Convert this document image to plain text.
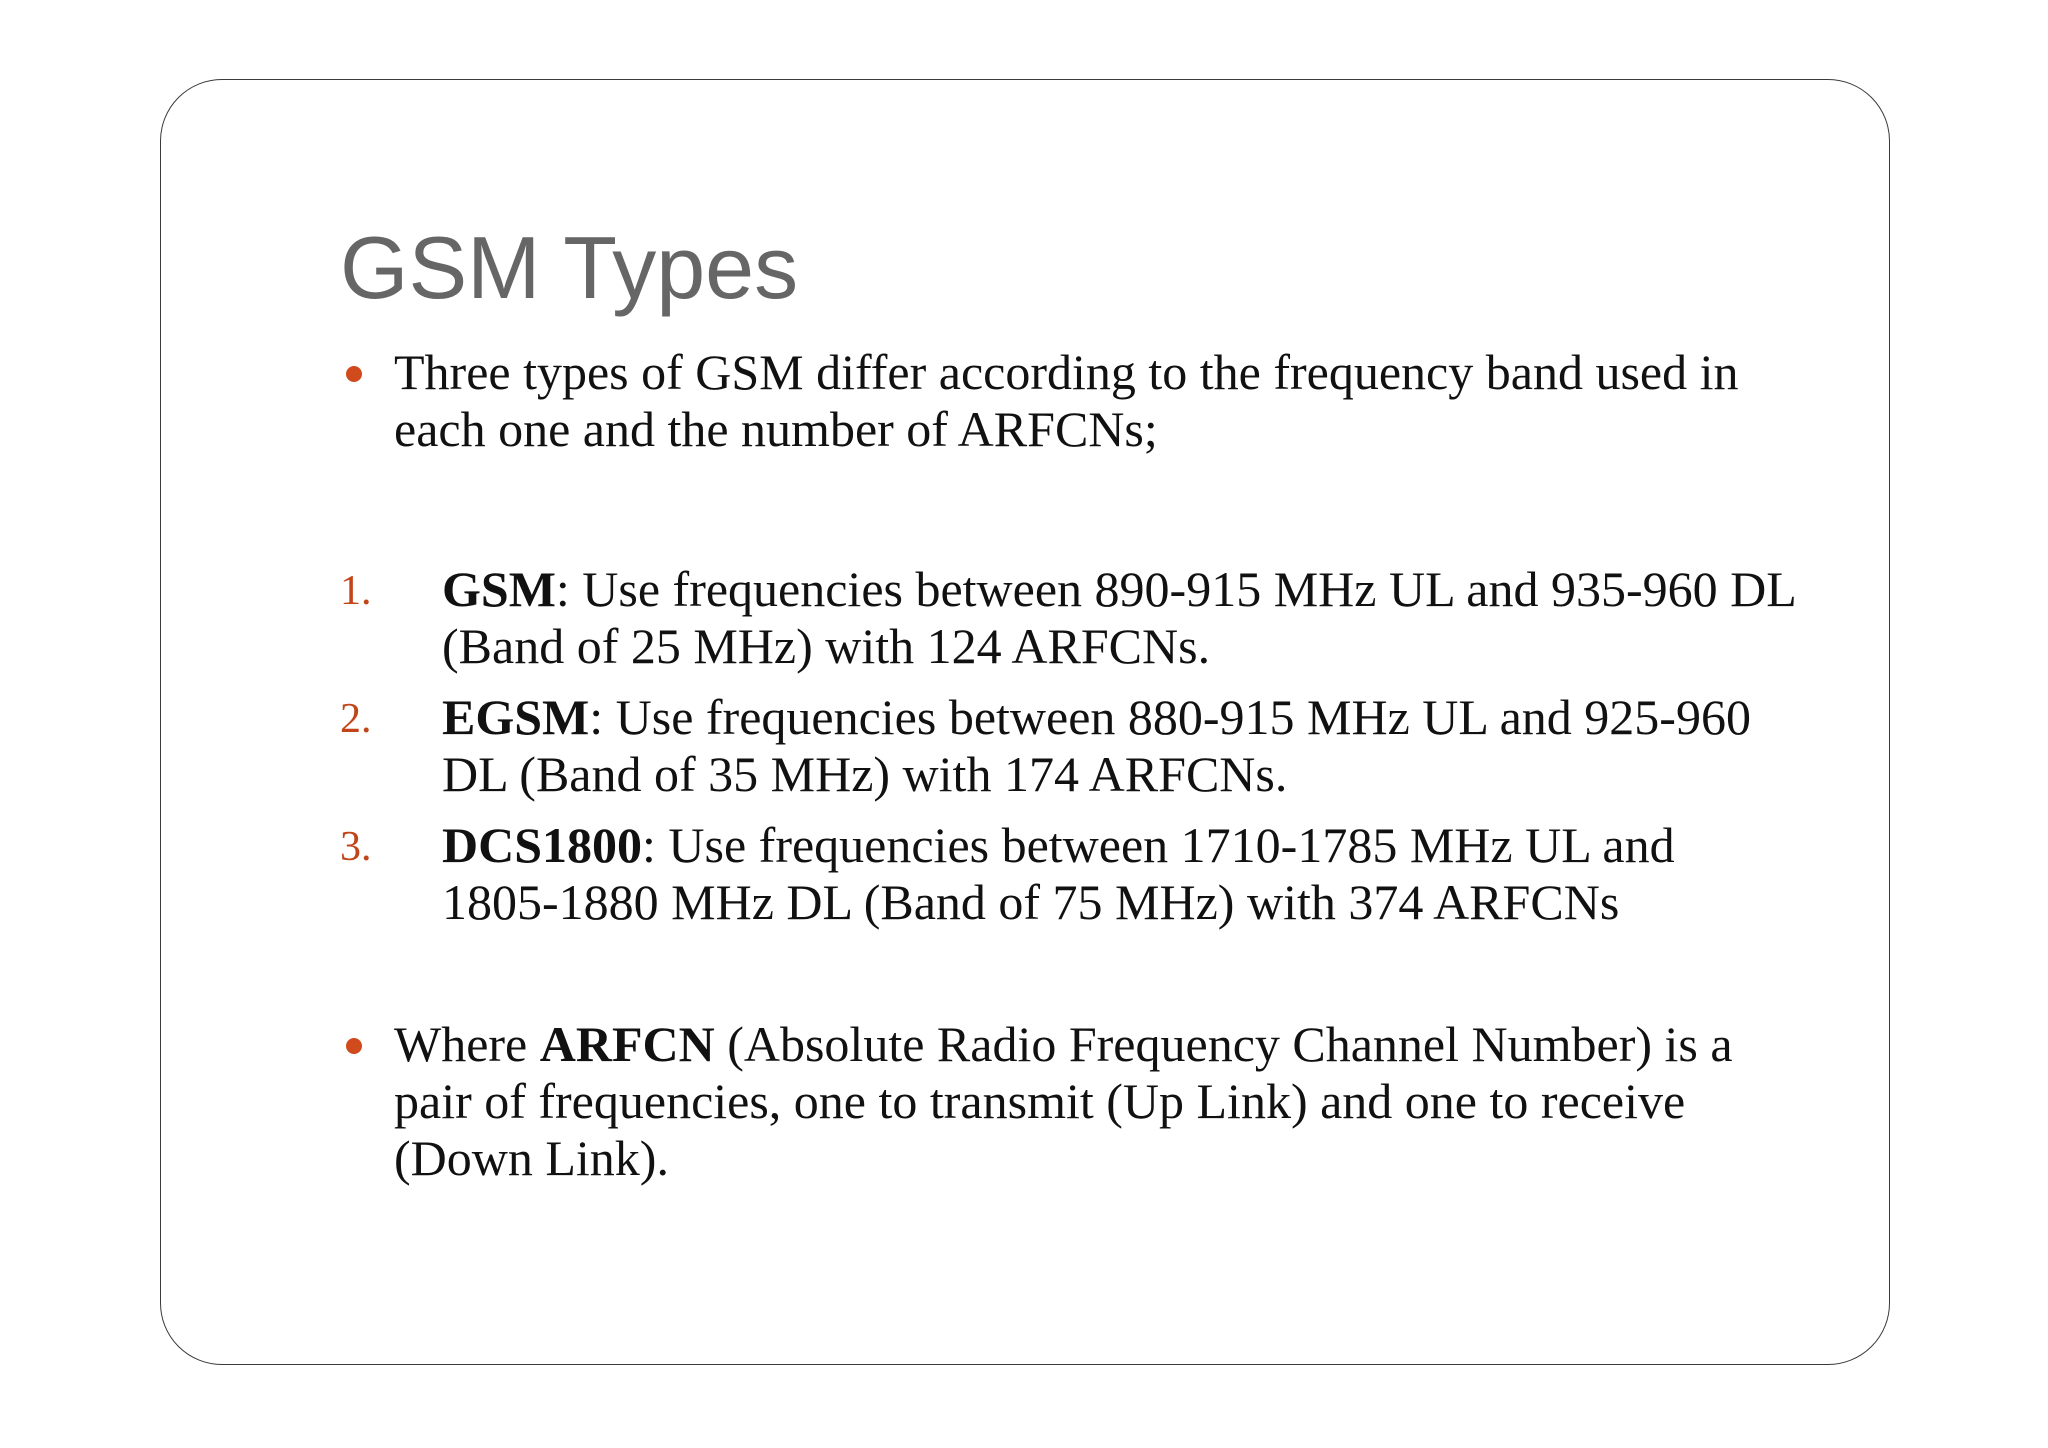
GSM Types
Three types of GSM differ according to the frequency band used in each one and the number of ARFCNs;
1. GSM: Use frequencies between 890-915 MHz UL and 935-960 DL (Band of 25 MHz) with 124 ARFCNs.
2. EGSM: Use frequencies between 880-915 MHz UL and 925-960 DL (Band of 35 MHz) with 174 ARFCNs.
3. DCS1800: Use frequencies between 1710-1785 MHz UL and 1805-1880 MHz DL (Band of 75 MHz) with 374 ARFCNs
Where ARFCN (Absolute Radio Frequency Channel Number) is a pair of frequencies, one to transmit (Up Link) and one to receive (Down Link).
